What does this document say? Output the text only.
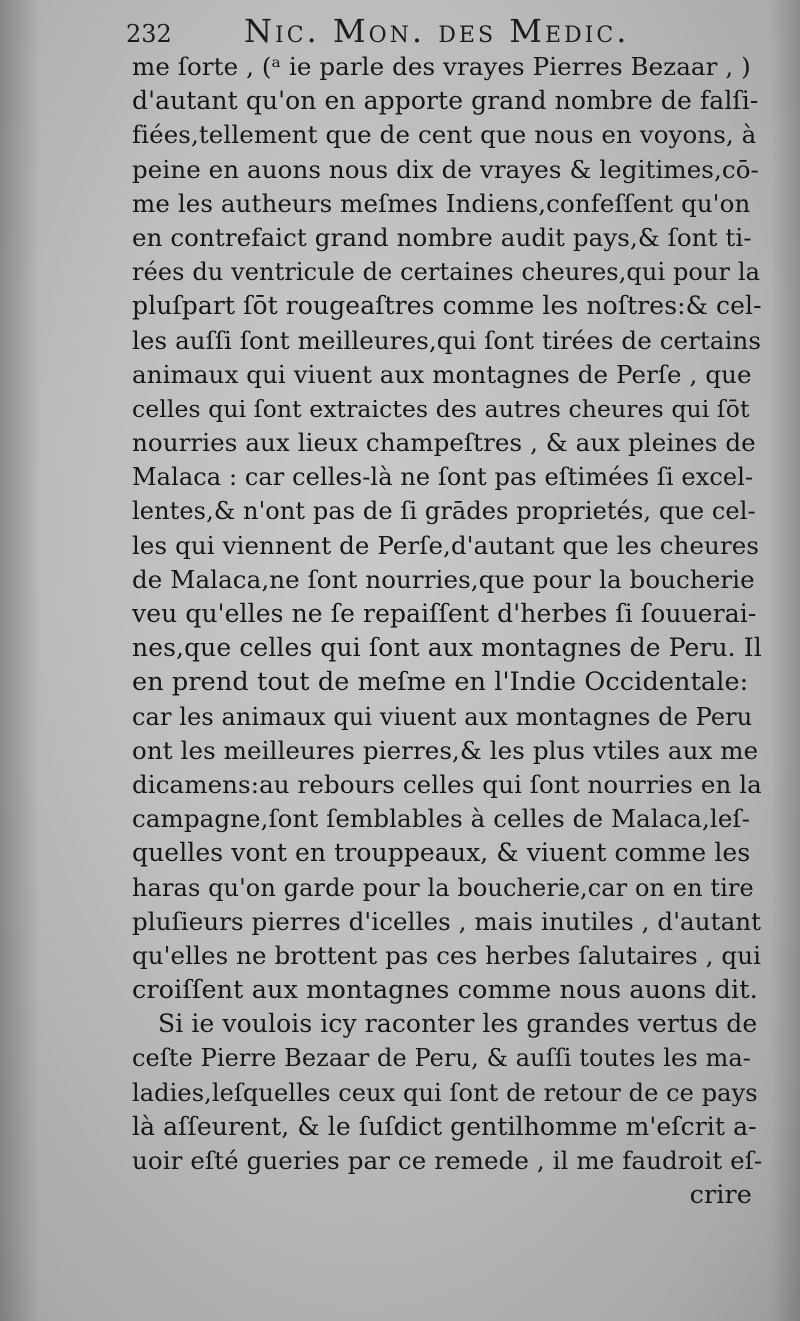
232 Nic. Mon. des Medic.
me ſorte , (ᵃ ie parle des vrayes Pierres Bezaar , )
d'autant qu'on en apporte grand nombre de falſi-
fiées,tellement que de cent que nous en voyons, à
peine en auons nous dix de vrayes & legitimes,cō-
me les autheurs meſmes Indiens,confeſſent qu'on
en contrefaict grand nombre audit pays,& ſont ti-
rées du ventricule de certaines cheures,qui pour la
pluſpart ſōt rougeaſtres comme les noſtres:& cel-
les auſſi ſont meilleures,qui ſont tirées de certains
animaux qui viuent aux montagnes de Perſe , que
celles qui ſont extraictes des autres cheures qui ſōt
nourries aux lieux champeſtres , & aux pleines de
Malaca : car celles-là ne ſont pas eſtimées ſi excel-
lentes,& n'ont pas de ſi grādes proprietés, que cel-
les qui viennent de Perſe,d'autant que les cheures
de Malaca,ne ſont nourries,que pour la boucherie
veu qu'elles ne ſe repaiſſent d'herbes ſi ſouuerai-
nes,que celles qui ſont aux montagnes de Peru. Il
en prend tout de meſme en l'Indie Occidentale:
car les animaux qui viuent aux montagnes de Peru
ont les meilleures pierres,& les plus vtiles aux me
dicamens:au rebours celles qui ſont nourries en la
campagne,ſont ſemblables à celles de Malaca,leſ-
quelles vont en trouppeaux, & viuent comme les
haras qu'on garde pour la boucherie,car on en tire
pluſieurs pierres d'icelles , mais inutiles , d'autant
qu'elles ne brottent pas ces herbes ſalutaires , qui
croiſſent aux montagnes comme nous auons dit.
Si ie voulois icy raconter les grandes vertus de
ceſte Pierre Bezaar de Peru, & auſſi toutes les ma-
ladies,leſquelles ceux qui ſont de retour de ce pays
là aſſeurent, & le ſuſdict gentilhomme m'eſcrit a-
uoir eſté gueries par ce remede , il me faudroit eſ-
crire
